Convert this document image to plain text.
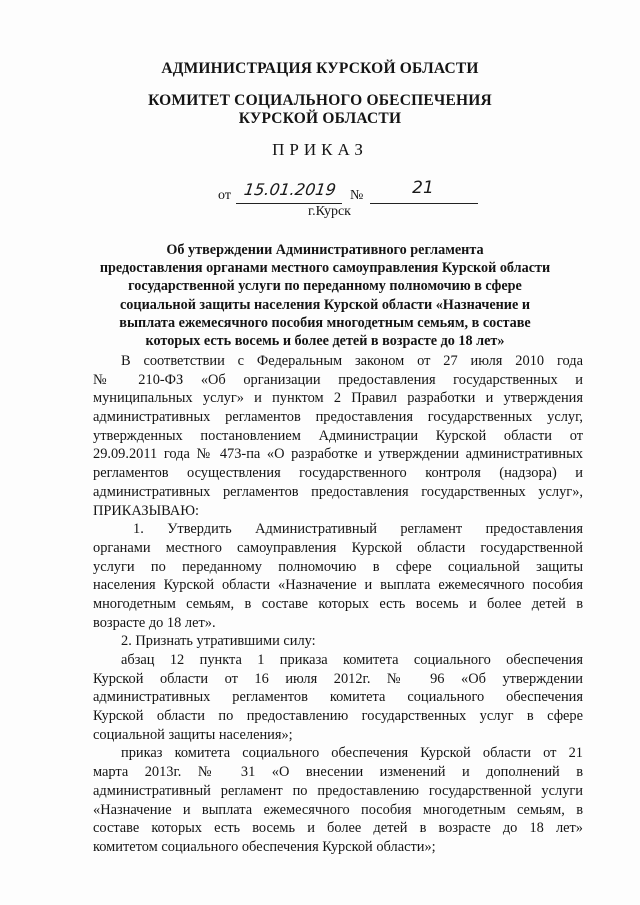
АДМИНИСТРАЦИЯ КУРСКОЙ ОБЛАСТИ
КОМИТЕТ СОЦИАЛЬНОГО ОБЕСПЕЧЕНИЯ
КУРСКОЙ ОБЛАСТИ
ПРИКАЗ
от 15.01.2019 №	21
г.Курск
Об утверждении Административного регламента
предоставления органами местного самоуправления Курской области
государственной услуги по переданному полномочию в сфере
социальной защиты населения Курской области «Назначение и
выплата ежемесячного пособия многодетным семьям, в составе
которых есть восемь и более детей в возрасте до 18 лет»
В соответствии с Федеральным законом от 27 июля 2010 года
№ 210-ФЗ «Об организации предоставления государственных и
муниципальных услуг» и пунктом 2 Правил разработки и утверждения
административных регламентов предоставления государственных услуг,
утвержденных постановлением Администрации Курской области от
29.09.2011 года № 473-па «О разработке и утверждении административных
регламентов осуществления государственного контроля (надзора) и
административных регламентов предоставления государственных услуг»,
ПРИКАЗЫВАЮ:
1. Утвердить Административный регламент предоставления
органами местного самоуправления Курской области государственной
услуги по переданному полномочию в сфере социальной защиты
населения Курской области «Назначение и выплата ежемесячного пособия
многодетным семьям, в составе которых есть восемь и более детей в
возрасте до 18 лет».
2. Признать утратившими силу:
абзац 12 пункта 1 приказа комитета социального обеспечения
Курской области от 16 июля 2012г. № 96 «Об утверждении
административных регламентов комитета социального обеспечения
Курской области по предоставлению государственных услуг в сфере
социальной защиты населения»;
приказ комитета социального обеспечения Курской области от 21
марта 2013г. № 31 «О внесении изменений и дополнений в
административный регламент по предоставлению государственной услуги
«Назначение и выплата ежемесячного пособия многодетным семьям, в
составе которых есть восемь и более детей в возрасте до 18 лет»
комитетом социального обеспечения Курской области»;
